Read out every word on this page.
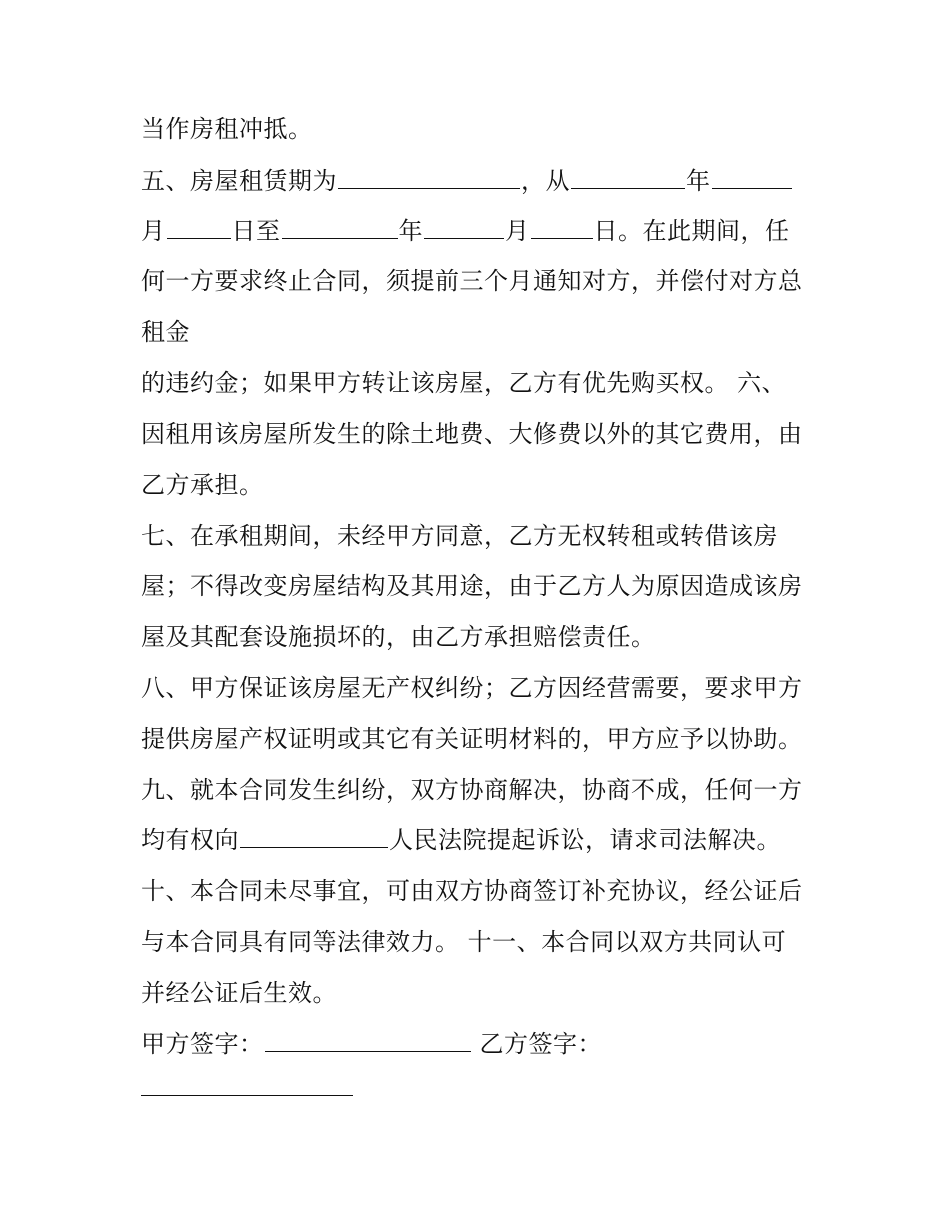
当作房租冲抵。
五、房屋租赁期为	，从	年
月	日至	年	月	日。在此期间，任
何一方要求终止合同，须提前三个月通知对方，并偿付对方总
租金
的违约金；如果甲方转让该房屋，乙方有优先购买权。 六、
因租用该房屋所发生的除土地费、大修费以外的其它费用，由
乙方承担。
七、在承租期间，未经甲方同意，乙方无权转租或转借该房
屋；不得改变房屋结构及其用途，由于乙方人为原因造成该房
屋及其配套设施损坏的，由乙方承担赔偿责任。
八、甲方保证该房屋无产权纠纷；乙方因经营需要，要求甲方
提供房屋产权证明或其它有关证明材料的，甲方应予以协助。
九、就本合同发生纠纷，双方协商解决，协商不成，任何一方
均有权向	人民法院提起诉讼，请求司法解决。
十、本合同未尽事宜，可由双方协商签订补充协议，经公证后
与本合同具有同等法律效力。 十一、本合同以双方共同认可
并经公证后生效。
甲方签字：	乙方签字：
